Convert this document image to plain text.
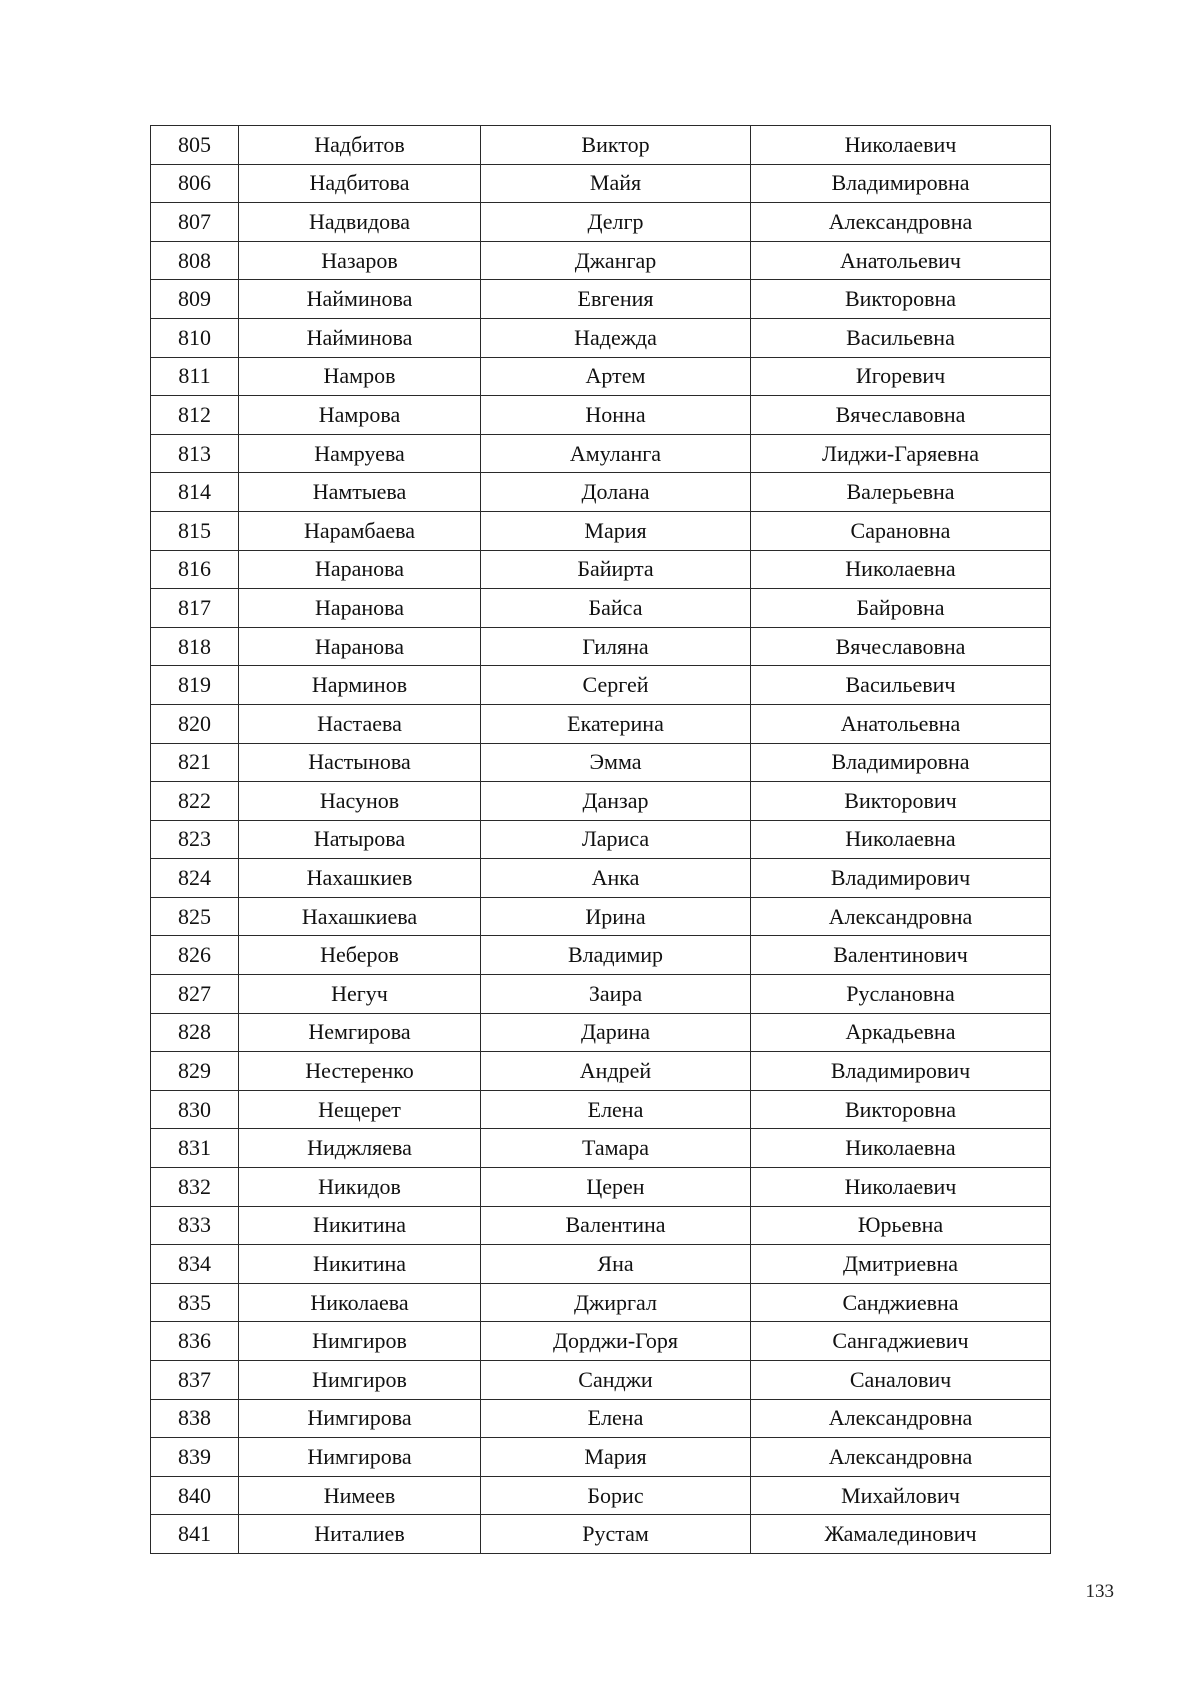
805	Надбитов	Виктор	Николаевич
806	Надбитова	Майя	Владимировна
807	Надвидова	Делгр	Александровна
808	Назаров	Джангар	Анатольевич
809	Найминова	Евгения	Викторовна
810	Найминова	Надежда	Васильевна
811	Намров	Артем	Игоревич
812	Намрова	Нонна	Вячеславовна
813	Намруева	Амуланга	Лиджи-Гаряевна
814	Намтыева	Долана	Валерьевна
815	Нарамбаева	Мария	Сарановна
816	Наранова	Байирта	Николаевна
817	Наранова	Байса	Байровна
818	Наранова	Гиляна	Вячеславовна
819	Нарминов	Сергей	Васильевич
820	Настаева	Екатерина	Анатольевна
821	Настынова	Эмма	Владимировна
822	Насунов	Данзар	Викторович
823	Натырова	Лариса	Николаевна
824	Нахашкиев	Анка	Владимирович
825	Нахашкиева	Ирина	Александровна
826	Неберов	Владимир	Валентинович
827	Негуч	Заира	Руслановна
828	Немгирова	Дарина	Аркадьевна
829	Нестеренко	Андрей	Владимирович
830	Нещерет	Елена	Викторовна
831	Ниджляева	Тамара	Николаевна
832	Никидов	Церен	Николаевич
833	Никитина	Валентина	Юрьевна
834	Никитина	Яна	Дмитриевна
835	Николаева	Джиргал	Санджиевна
836	Нимгиров	Дорджи-Горя	Сангаджиевич
837	Нимгиров	Санджи	Саналович
838	Нимгирова	Елена	Александровна
839	Нимгирова	Мария	Александровна
840	Нимеев	Борис	Михайлович
841	Ниталиев	Рустам	Жамалединович
133
